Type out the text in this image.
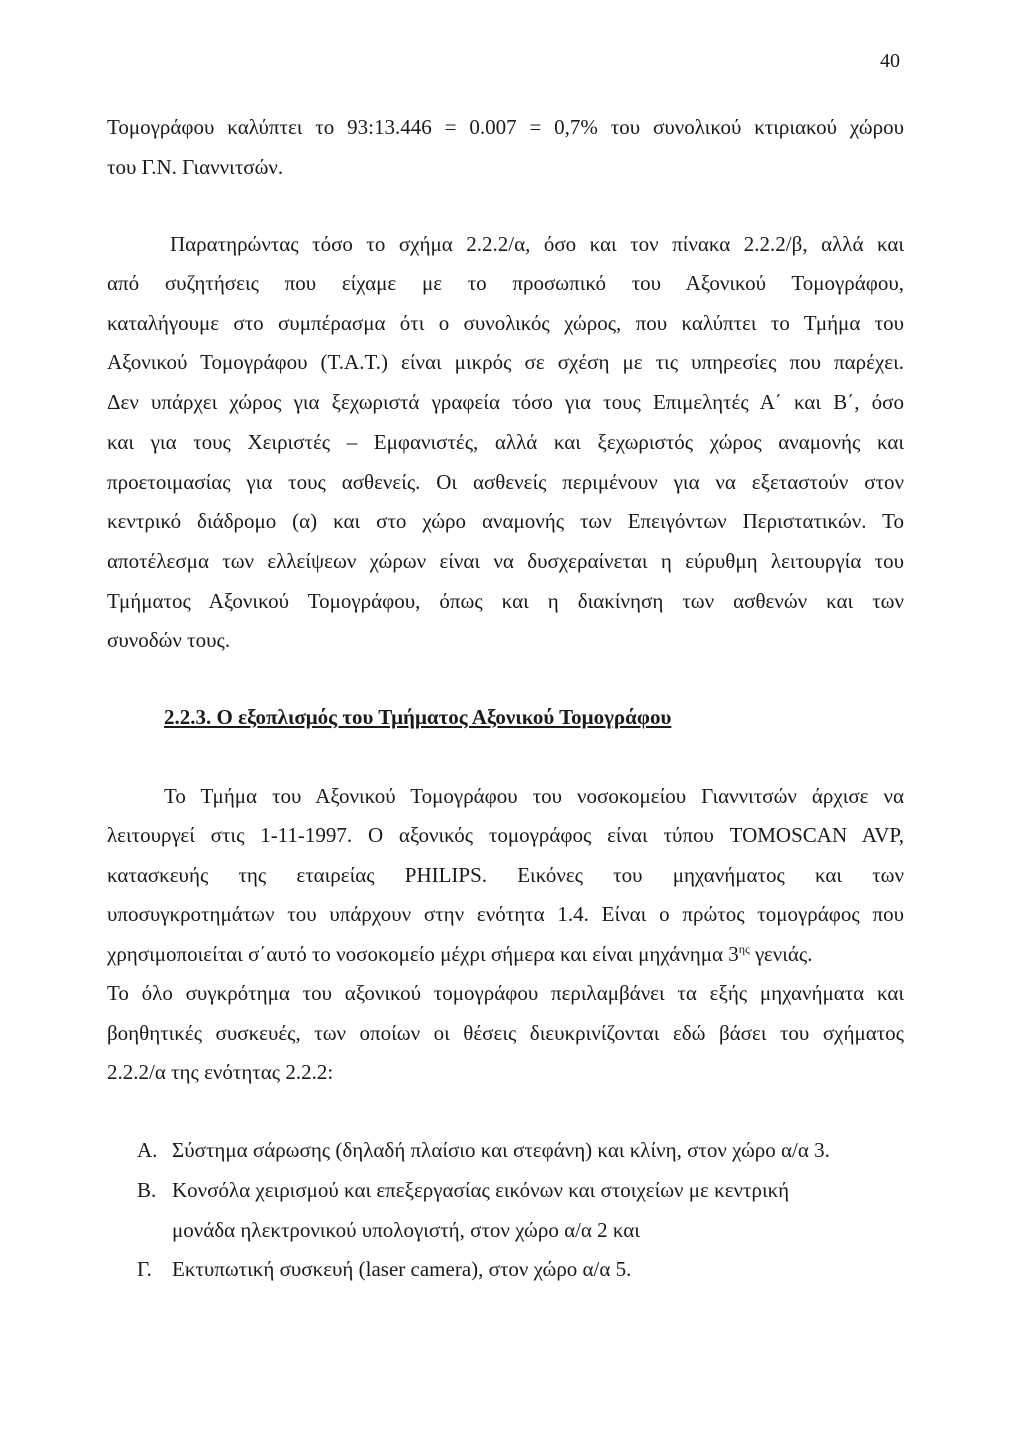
40
Τομογράφου καλύπτει το 93:13.446 = 0.007 = 0,7% του συνολικού κτιριακού χώρου
του Γ.Ν. Γιαννιτσών.
Παρατηρώντας τόσο το σχήμα 2.2.2/α, όσο και τον πίνακα 2.2.2/β, αλλά και
από συζητήσεις που είχαμε με το προσωπικό του Αξονικού Τομογράφου,
καταλήγουμε στο συμπέρασμα ότι ο συνολικός χώρος, που καλύπτει το Τμήμα του
Αξονικού Τομογράφου (Τ.Α.Τ.) είναι μικρός σε σχέση με τις υπηρεσίες που παρέχει.
Δεν υπάρχει χώρος για ξεχωριστά γραφεία τόσο για τους Επιμελητές Α΄ και Β΄, όσο
και για τους Χειριστές – Εμφανιστές, αλλά και ξεχωριστός χώρος αναμονής και
προετοιμασίας για τους ασθενείς. Οι ασθενείς περιμένουν για να εξεταστούν στον
κεντρικό διάδρομο (α) και στο χώρο αναμονής των Επειγόντων Περιστατικών. Το
αποτέλεσμα των ελλείψεων χώρων είναι να δυσχεραίνεται η εύρυθμη λειτουργία του
Τμήματος Αξονικού Τομογράφου, όπως και η διακίνηση των ασθενών και των
συνοδών τους.
2.2.3. Ο εξοπλισμός του Τμήματος Αξονικού Τομογράφου
Το Τμήμα του Αξονικού Τομογράφου του νοσοκομείου Γιαννιτσών άρχισε να
λειτουργεί στις 1-11-1997. Ο αξονικός τομογράφος είναι τύπου TOMOSCAN AVP,
κατασκευής της εταιρείας PHILIPS. Εικόνες του μηχανήματος και των
υποσυγκροτημάτων του υπάρχουν στην ενότητα 1.4. Είναι ο πρώτος τομογράφος που
χρησιμοποιείται σ΄αυτό το νοσοκομείο μέχρι σήμερα και είναι μηχάνημα $3^{\eta\varsigma}$ γενιάς.
Το όλο συγκρότημα του αξονικού τομογράφου περιλαμβάνει τα εξής μηχανήματα και
βοηθητικές συσκευές, των οποίων οι θέσεις διευκρινίζονται εδώ βάσει του σχήματος
2.2.2/α της ενότητας 2.2.2:
Α. Σύστημα σάρωσης (δηλαδή πλαίσιο και στεφάνη) και κλίνη, στον χώρο α/α 3.
Β. Κονσόλα χειρισμού και επεξεργασίας εικόνων και στοιχείων με κεντρική
μονάδα ηλεκτρονικού υπολογιστή, στον χώρο α/α 2 και
Γ. Εκτυπωτική συσκευή (laser camera), στον χώρο α/α 5.
